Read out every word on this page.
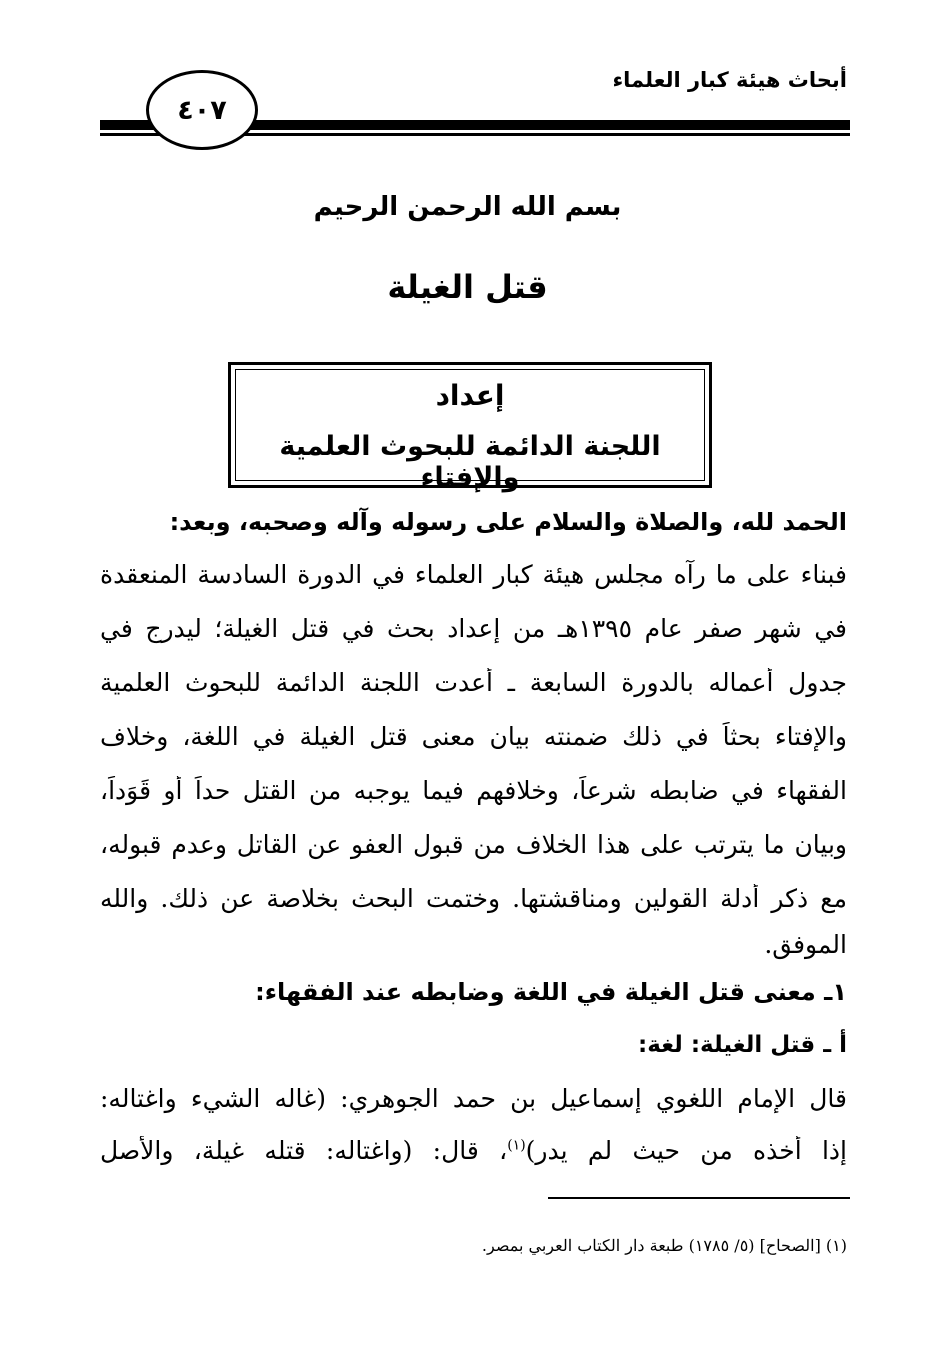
أبحاث هيئة كبار العلماء
٤٠٧
بسم الله الرحمن الرحيم
قتل الغيلة
إعداد
اللجنة الدائمة للبحوث العلمية والإفتاء
الحمد لله، والصلاة والسلام على رسوله وآله وصحبه، وبعد:
فبناء على ما رآه مجلس هيئة كبار العلماء في الدورة السادسة المنعقدة
في شهر صفر عام ١٣٩٥هـ من إعداد بحث في قتل الغيلة؛ ليدرج في
جدول أعماله بالدورة السابعة ـ أعدت اللجنة الدائمة للبحوث العلمية
والإفتاء بحثاً في ذلك ضمنته بيان معنى قتل الغيلة في اللغة، وخلاف
الفقهاء في ضابطه شرعاً، وخلافهم فيما يوجبه من القتل حداً أو قَوَداً،
وبيان ما يترتب على هذا الخلاف من قبول العفو عن القاتل وعدم قبوله،
مع ذكر أدلة القولين ومناقشتها. وختمت البحث بخلاصة عن ذلك. والله
الموفق.
١ـ معنى قتل الغيلة في اللغة وضابطه عند الفقهاء:
أ ـ قتل الغيلة: لغة:
قال الإمام اللغوي إسماعيل بن حمد الجوهري: (غاله الشيء واغتاله:
إذا أخذه من حيث لم يدر)$^{(١)}$، قال: (واغتاله: قتله غيلة، والأصل
(١) [الصحاح] (٥/ ١٧٨٥) طبعة دار الكتاب العربي بمصر.
